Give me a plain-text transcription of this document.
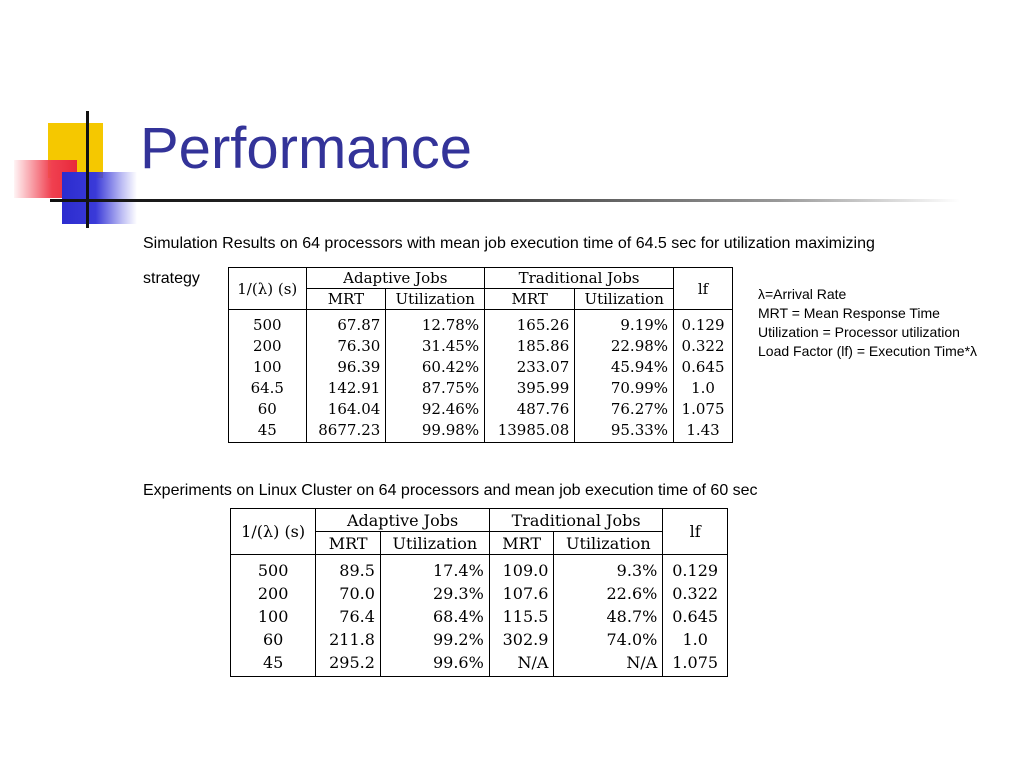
Performance

Simulation Results on 64 processors with mean job execution time of 64.5 sec for utilization maximizing

strategy

1/(λ) (s)	Adaptive Jobs		Traditional Jobs		lf
	MRT	Utilization	MRT	Utilization	
500	67.87	12.78%	165.26	9.19%	0.129
200	76.30	31.45%	185.86	22.98%	0.322
100	96.39	60.42%	233.07	45.94%	0.645
64.5	142.91	87.75%	395.99	70.99%	1.0
60	164.04	92.46%	487.76	76.27%	1.075
45	8677.23	99.98%	13985.08	95.33%	1.43
λ=Arrival Rate
MRT = Mean Response Time
Utilization = Processor utilization
Load Factor (lf) = Execution Time*λ

Experiments on Linux Cluster on 64 processors and mean job execution time of 60 sec

1/(λ) (s)	Adaptive Jobs		Traditional Jobs		lf
	MRT	Utilization	MRT	Utilization	
500	89.5	17.4%	109.0	9.3%	0.129
200	70.0	29.3%	107.6	22.6%	0.322
100	76.4	68.4%	115.5	48.7%	0.645
60	211.8	99.2%	302.9	74.0%	1.0
45	295.2	99.6%	N/A	N/A	1.075
